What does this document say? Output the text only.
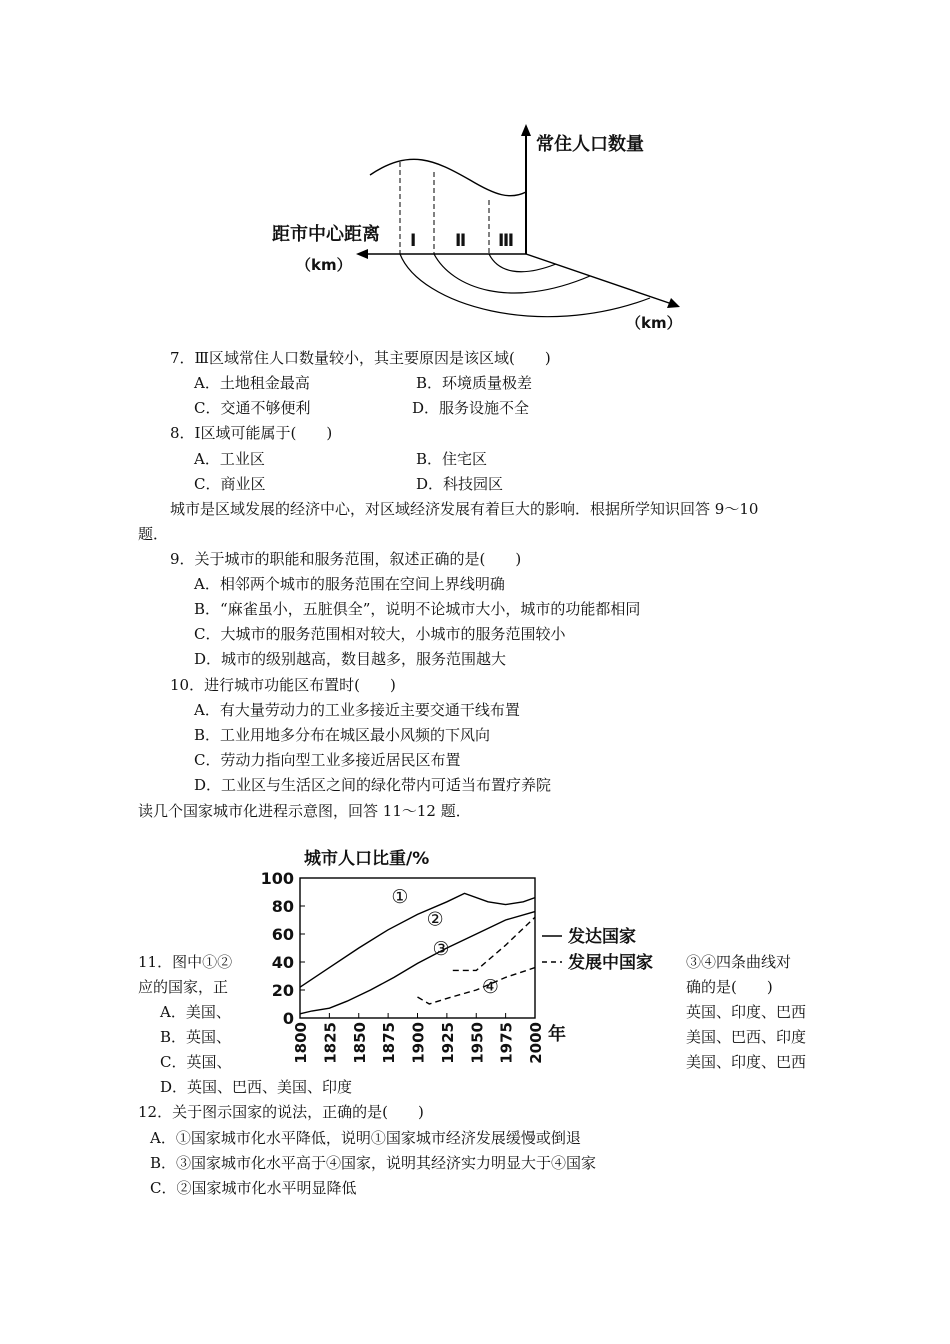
常住人口数量
距市中心距离
（km）
（km）
Ⅰ Ⅱ Ⅲ
7．Ⅲ区域常住人口数量较小，其主要原因是该区域(　　)
A．土地租金最高	B．环境质量极差
C．交通不够便利	D．服务设施不全
8．Ⅰ区域可能属于(　　)
A．工业区	B．住宅区
C．商业区	D．科技园区
城市是区域发展的经济中心，对区域经济发展有着巨大的影响．根据所学知识回答 9～10
题．
9．关于城市的职能和服务范围，叙述正确的是(　　)
A．相邻两个城市的服务范围在空间上界线明确
B．“麻雀虽小，五脏俱全”，说明不论城市大小，城市的功能都相同
C．大城市的服务范围相对较大，小城市的服务范围较小
D．城市的级别越高，数目越多，服务范围越大
10．进行城市功能区布置时(　　)
A．有大量劳动力的工业多接近主要交通干线布置
B．工业用地多分布在城区最小风频的下风向
C．劳动力指向型工业多接近居民区布置
D．工业区与生活区之间的绿化带内可适当布置疗养院
读几个国家城市化进程示意图，回答 11～12 题．
城市人口比重/%
年
0
20
40
60
80
100
1800 1825 1850 1875 1900 1925 1950 1975 2000
①
②
③
④
发达国家
发展中国家
11．图中①②	③④四条曲线对
应的国家，正	确的是(　　)
A．美国、	英国、印度、巴西
B．英国、	美国、巴西、印度
C．英国、	美国、印度、巴西
D．英国、巴西、美国、印度
12．关于图示国家的说法，正确的是(　　)
A．①国家城市化水平降低，说明①国家城市经济发展缓慢或倒退
B．③国家城市化水平高于④国家，说明其经济实力明显大于④国家
C．②国家城市化水平明显降低
